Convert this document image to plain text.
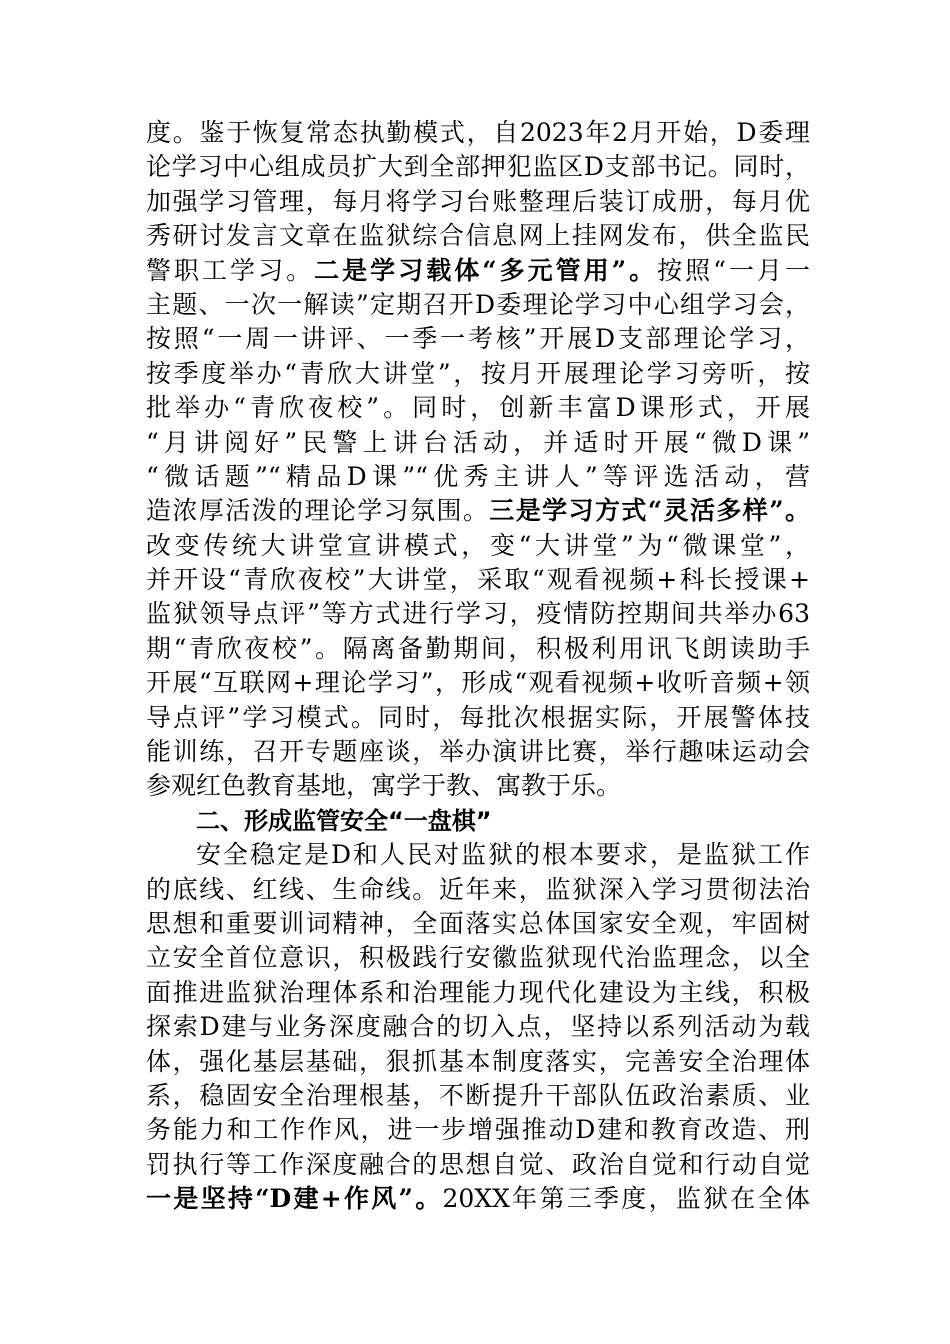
度。鉴于恢复常态执勤模式，自2023年2月开始，D委理
论学习中心组成员扩大到全部押犯监区D支部书记。同时，
加强学习管理，每月将学习台账整理后装订成册，每月优
秀研讨发言文章在监狱综合信息网上挂网发布，供全监民
警职工学习。二是学习载体“多元管用”。按照“一月一
主题、一次一解读”定期召开D委理论学习中心组学习会，
按照“一周一讲评、一季一考核”开展D支部理论学习，
按季度举办“青欣大讲堂”，按月开展理论学习旁听，按
批举办“青欣夜校”。同时，创新丰富D课形式，开展
“月讲阅好”民警上讲台活动，并适时开展“微D课”
“微话题”“精品D课”“优秀主讲人”等评选活动，营
造浓厚活泼的理论学习氛围。三是学习方式“灵活多样”。
改变传统大讲堂宣讲模式，变“大讲堂”为“微课堂”，
并开设“青欣夜校”大讲堂，采取“观看视频+科长授课+
监狱领导点评”等方式进行学习，疫情防控期间共举办63
期“青欣夜校”。隔离备勤期间，积极利用讯飞朗读助手
开展“互联网+理论学习”，形成“观看视频+收听音频+领
导点评”学习模式。同时，每批次根据实际，开展警体技
能训练，召开专题座谈，举办演讲比赛，举行趣味运动会
参观红色教育基地，寓学于教、寓教于乐。
二、形成监管安全“一盘棋”
安全稳定是D和人民对监狱的根本要求，是监狱工作
的底线、红线、生命线。近年来，监狱深入学习贯彻法治
思想和重要训词精神，全面落实总体国家安全观，牢固树
立安全首位意识，积极践行安徽监狱现代治监理念，以全
面推进监狱治理体系和治理能力现代化建设为主线，积极
探索D建与业务深度融合的切入点，坚持以系列活动为载
体，强化基层基础，狠抓基本制度落实，完善安全治理体
系，稳固安全治理根基，不断提升干部队伍政治素质、业
务能力和工作作风，进一步增强推动D建和教育改造、刑
罚执行等工作深度融合的思想自觉、政治自觉和行动自觉
一是坚持“D建+作风”。20XX年第三季度，监狱在全体
